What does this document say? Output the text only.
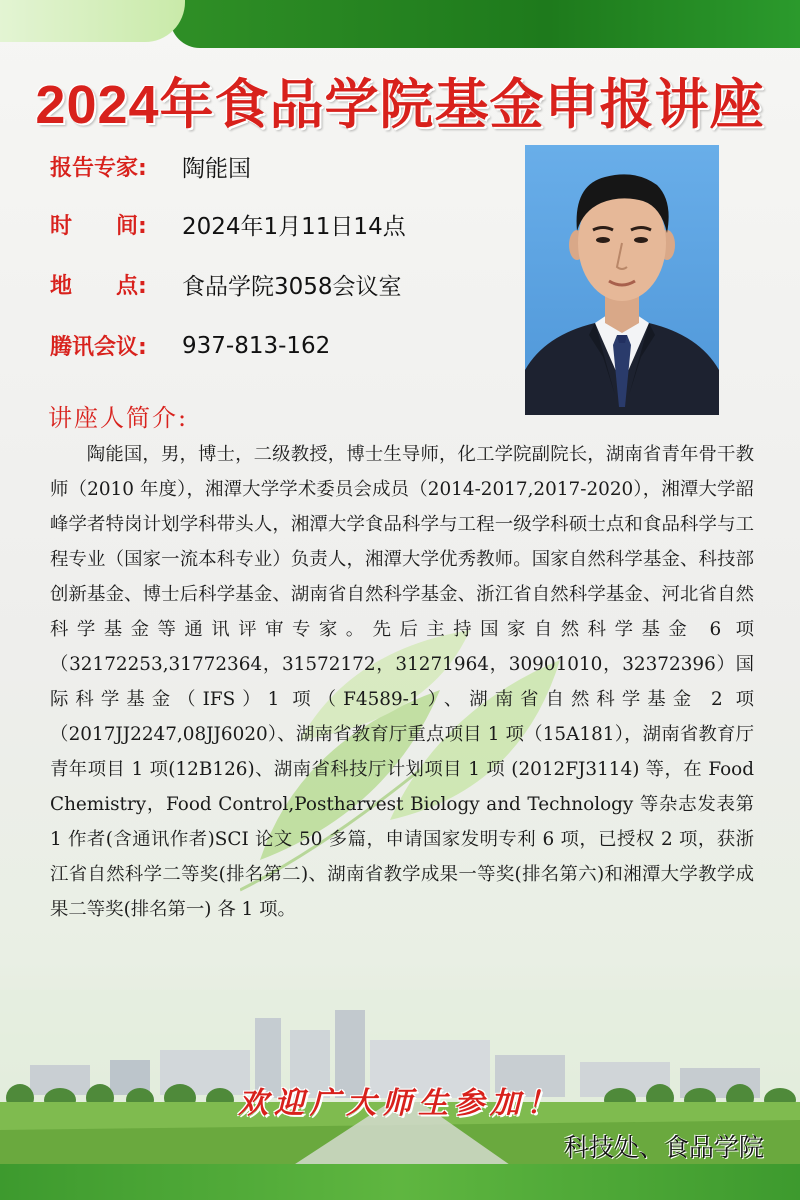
2024年食品学院基金申报讲座
报告专家:	陶能国
时　　间:	2024年1月11日14点
地　　点:	食品学院3058会议室
腾讯会议:	937-813-162
讲座人简介:
陶能国，男，博士，二级教授，博士生导师，化工学院副院长，湖南省青年骨干教师（2010 年度），湘潭大学学术委员会成员（2014-2017,2017-2020），湘潭大学韶峰学者特岗计划学科带头人，湘潭大学食品科学与工程一级学科硕士点和食品科学与工程专业（国家一流本科专业）负责人，湘潭大学优秀教师。国家自然科学基金、科技部创新基金、博士后科学基金、湖南省自然科学基金、浙江省自然科学基金、河北省自然科学基金等通讯评审专家。先后主持国家自然科学基金 6 项（32172253,31772364，31572172，31271964，30901010，32372396）国际科学基金（IFS）1 项（F4589-1）、湖南省自然科学基金 2 项（2017JJ2247,08JJ6020）、湖南省教育厅重点项目 1 项（15A181），湖南省教育厅青年项目 1 项(12B126)、湖南省科技厅计划项目 1 项 (2012FJ3114) 等，在 Food Chemistry，Food Control,Postharvest Biology and Technology 等杂志发表第 1 作者(含通讯作者)SCI 论文 50 多篇，申请国家发明专利 6 项，已授权 2 项，获浙江省自然科学二等奖(排名第二)、湖南省教学成果一等奖(排名第六)和湘潭大学教学成果二等奖(排名第一) 各 1 项。
欢迎广大师生参加！
科技处、食品学院
